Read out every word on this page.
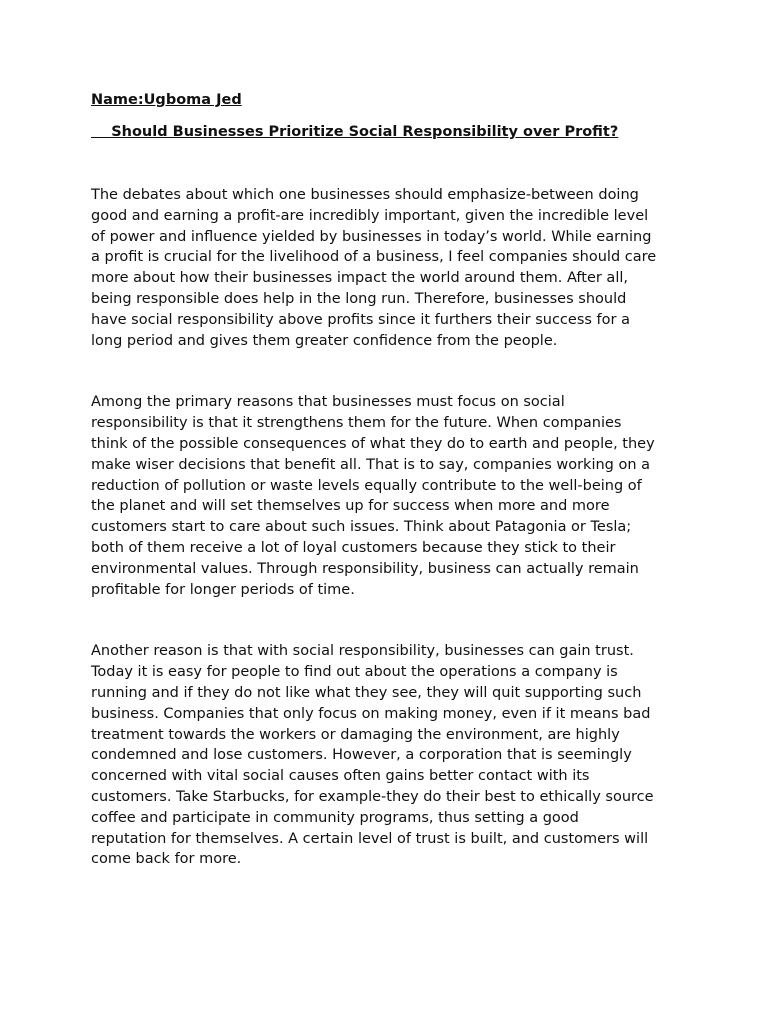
Name:Ugboma Jed
Should Businesses Prioritize Social Responsibility over Profit?

The debates about which one businesses should emphasize-between doing
good and earning a profit-are incredibly important, given the incredible level
of power and influence yielded by businesses in today’s world. While earning
a profit is crucial for the livelihood of a business, I feel companies should care
more about how their businesses impact the world around them. After all,
being responsible does help in the long run. Therefore, businesses should
have social responsibility above profits since it furthers their success for a
long period and gives them greater confidence from the people.

Among the primary reasons that businesses must focus on social
responsibility is that it strengthens them for the future. When companies
think of the possible consequences of what they do to earth and people, they
make wiser decisions that benefit all. That is to say, companies working on a
reduction of pollution or waste levels equally contribute to the well-being of
the planet and will set themselves up for success when more and more
customers start to care about such issues. Think about Patagonia or Tesla;
both of them receive a lot of loyal customers because they stick to their
environmental values. Through responsibility, business can actually remain
profitable for longer periods of time.

Another reason is that with social responsibility, businesses can gain trust.
Today it is easy for people to find out about the operations a company is
running and if they do not like what they see, they will quit supporting such
business. Companies that only focus on making money, even if it means bad
treatment towards the workers or damaging the environment, are highly
condemned and lose customers. However, a corporation that is seemingly
concerned with vital social causes often gains better contact with its
customers. Take Starbucks, for example-they do their best to ethically source
coffee and participate in community programs, thus setting a good
reputation for themselves. A certain level of trust is built, and customers will
come back for more.
